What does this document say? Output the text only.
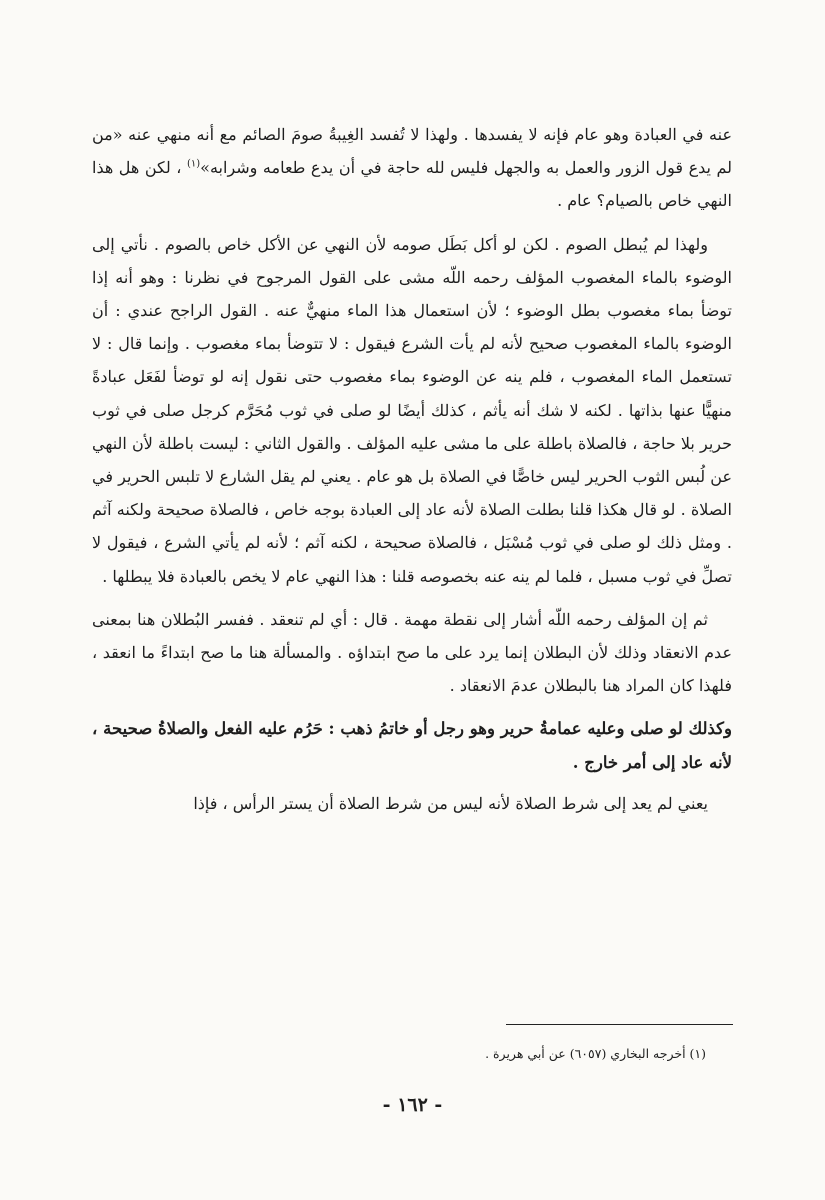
عنه في العبادة وهو عام فإنه لا يفسدها . ولهذا لا تُفسد الغِيبةُ صومَ الصائم مع أنه منهي عنه «من لم يدع قول الزور والعمل به والجهل فليس لله حاجة في أن يدع طعامه وشرابه»$^{(١)}$ ، لكن هل هذا النهي خاص بالصيام؟ عام .

ولهذا لم يُبطل الصوم . لكن لو أكل بَطَل صومه لأن النهي عن الأكل خاص بالصوم . نأتي إلى الوضوء بالماء المغصوب المؤلف رحمه اللّه مشى على القول المرجوح في نظرنا : وهو أنه إذا توضأ بماء مغصوب بطل الوضوء ؛ لأن استعمال هذا الماء منهيٌّ عنه . القول الراجح عندي : أن الوضوء بالماء المغصوب صحيح لأنه لم يأت الشرع فيقول : لا تتوضأ بماء مغصوب . وإنما قال : لا تستعمل الماء المغصوب ، فلم ينه عن الوضوء بماء مغصوب حتى نقول إنه لو توضأ لفَعَل عبادةً منهيًّا عنها بذاتها . لكنه لا شك أنه يأثم ، كذلك أيضًا لو صلى في ثوب مُحَرَّم كرجل صلى في ثوب حرير بلا حاجة ، فالصلاة باطلة على ما مشى عليه المؤلف . والقول الثاني : ليست باطلة لأن النهي عن لُبس الثوب الحرير ليس خاصًّا في الصلاة بل هو عام . يعني لم يقل الشارع لا تلبس الحرير في الصلاة . لو قال هكذا قلنا بطلت الصلاة لأنه عاد إلى العبادة بوجه خاص ، فالصلاة صحيحة ولكنه آثم . ومثل ذلك لو صلى في ثوب مُسْبَل ، فالصلاة صحيحة ، لكنه آثم ؛ لأنه لم يأتي الشرع ، فيقول لا تصلِّ في ثوب مسبل ، فلما لم ينه عنه بخصوصه قلنا : هذا النهي عام لا يخص بالعبادة فلا يبطلها .

ثم إن المؤلف رحمه اللّه أشار إلى نقطة مهمة . قال : أي لم تنعقد . ففسر البُطلان هنا بمعنى عدم الانعقاد وذلك لأن البطلان إنما يرد على ما صح ابتداؤه . والمسألة هنا ما صح ابتداءً ما انعقد ، فلهذا كان المراد هنا بالبطلان عدمَ الانعقاد .

وكذلك لو صلى وعليه عمامةُ حرير وهو رجل أو خاتمُ ذهب : حَرُم عليه الفعل والصلاةُ صحيحة ، لأنه عاد إلى أمر خارج .

يعني لم يعد إلى شرط الصلاة لأنه ليس من شرط الصلاة أن يستر الرأس ، فإذا

(١) أخرجه البخاري (٦٠٥٧) عن أبي هريرة .
- ١٦٢ -
